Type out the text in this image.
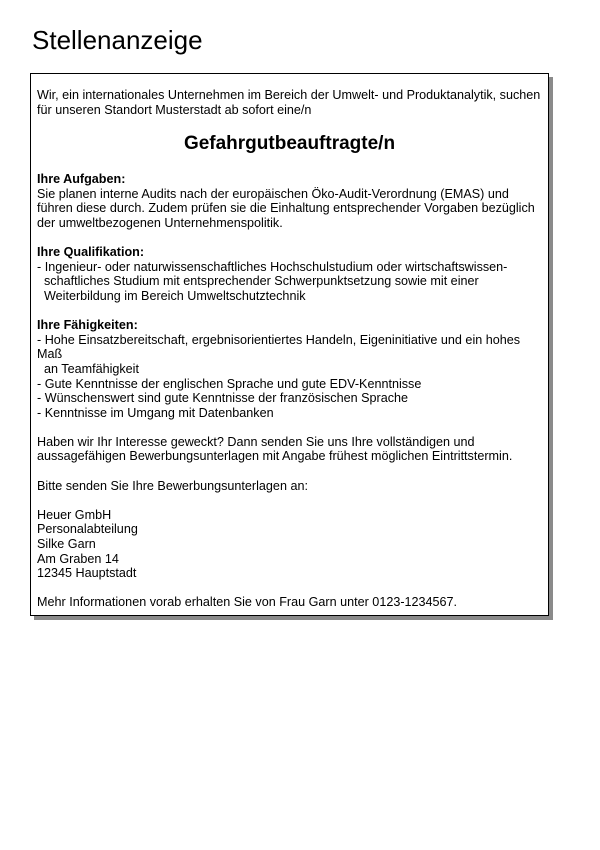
Stellenanzeige

Wir, ein internationales Unternehmen im Bereich der Umwelt- und Produktanalytik, suchen
für unseren Standort Musterstadt ab sofort eine/n

Gefahrgutbeauftragte/n

Ihre Aufgaben:
Sie planen interne Audits nach der europäischen Öko-Audit-Verordnung (EMAS) und
führen diese durch. Zudem prüfen sie die Einhaltung entsprechender Vorgaben bezüglich
der umweltbezogenen Unternehmenspolitik.
Ihre Qualifikation:
- Ingenieur- oder naturwissenschaftliches Hochschulstudium oder wirtschaftswissen-
schaftliches Studium mit entsprechender Schwerpunktsetzung sowie mit einer
Weiterbildung im Bereich Umweltschutztechnik
Ihre Fähigkeiten:
- Hohe Einsatzbereitschaft, ergebnisorientiertes Handeln, Eigeninitiative und ein hohes
Maß
an Teamfähigkeit
- Gute Kenntnisse der englischen Sprache und gute EDV-Kenntnisse
- Wünschenswert sind gute Kenntnisse der französischen Sprache
- Kenntnisse im Umgang mit Datenbanken
Haben wir Ihr Interesse geweckt? Dann senden Sie uns Ihre vollständigen und
aussagefähigen Bewerbungsunterlagen mit Angabe frühest möglichen Eintrittstermin.
Bitte senden Sie Ihre Bewerbungsunterlagen an:
Heuer GmbH
Personalabteilung
Silke Garn
Am Graben 14
12345 Hauptstadt
Mehr Informationen vorab erhalten Sie von Frau Garn unter 0123-1234567.
